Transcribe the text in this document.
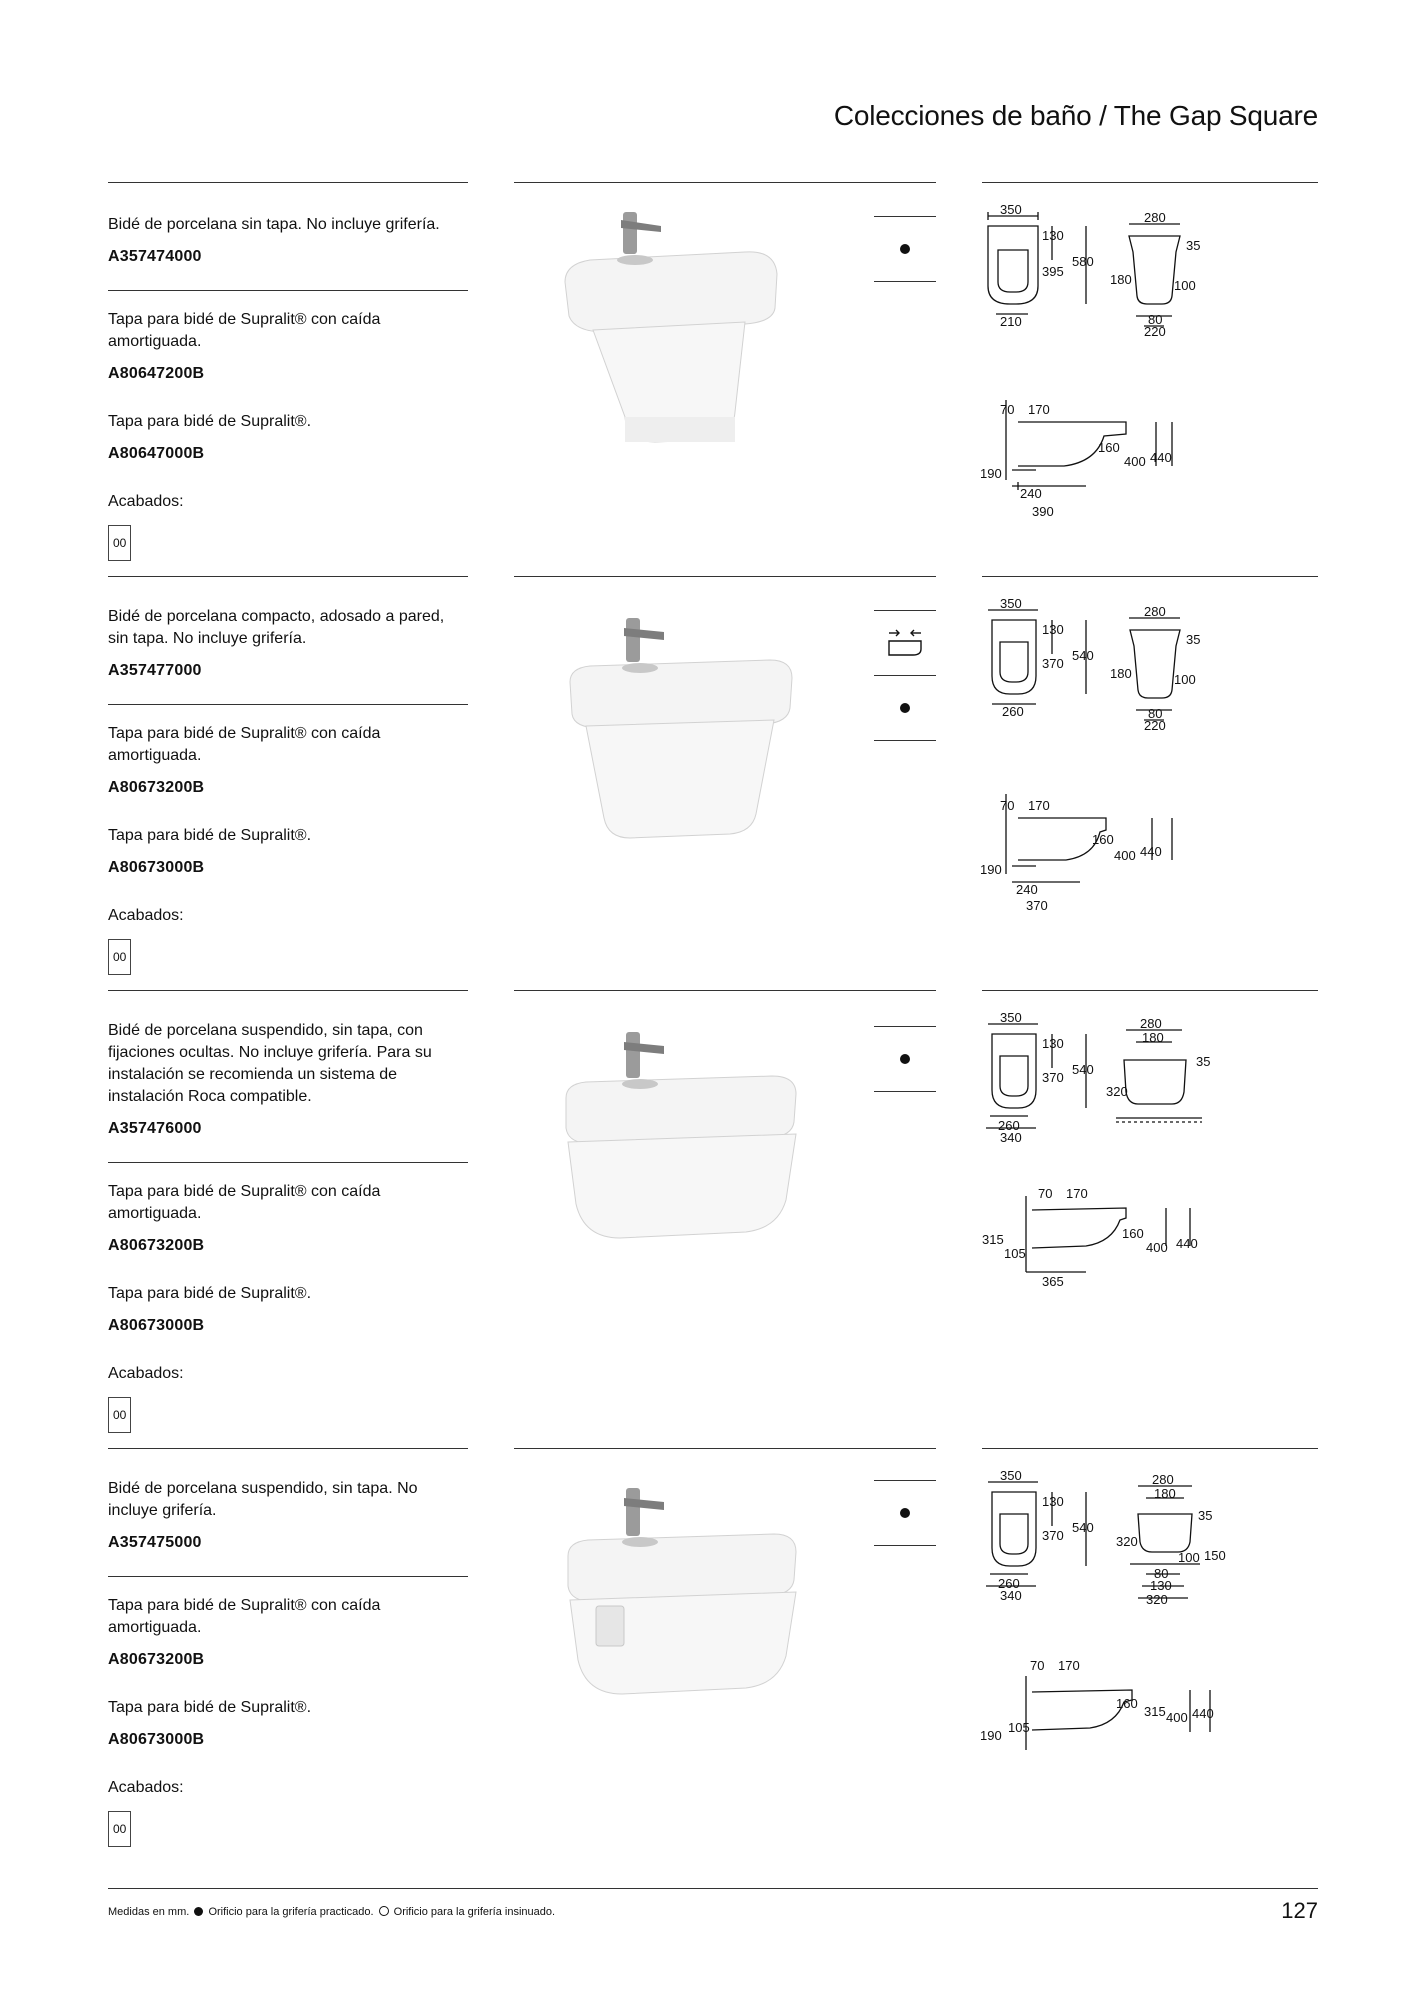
Colecciones de baño / The Gap Square

Bidé de porcelana sin tapa. No incluye grifería.

A357474000

Tapa para bidé de Supralit® con caída amortiguada.

A80647200B

Tapa para bidé de Supralit®.

A80647000B

Acabados:

00
350
130
395
580
210
280
35
180	100
80
220
70 170
160
400 440
190
240
390

Bidé de porcelana compacto, adosado a pared, sin tapa. No incluye grifería.

A357477000

Tapa para bidé de Supralit® con caída amortiguada.

A80673200B

Tapa para bidé de Supralit®.

A80673000B

Acabados:

00
350
130
370
540
260
280
35
180	100
80
220
70 170
160
400 440
190
240
370

Bidé de porcelana suspendido, sin tapa, con fijaciones ocultas. No incluye grifería. Para su instalación se recomienda un sistema de instalación Roca compatible.

A357476000

Tapa para bidé de Supralit® con caída amortiguada.

A80673200B

Tapa para bidé de Supralit®.

A80673000B

Acabados:

00
350
130
370
540
260
340
280
180
35
320
70 170
160
400 440
315
105
365

Bidé de porcelana suspendido, sin tapa. No incluye grifería.

A357475000

Tapa para bidé de Supralit® con caída amortiguada.

A80673200B

Tapa para bidé de Supralit®.

A80673000B

Acabados:

00
350
130
370
540
260
340
280
180
35
320
100 150
80
130
320
70 170
160
315 400 440
190
105
Medidas en mm. Orificio para la grifería practicado. Orificio para la grifería insinuado.	127
